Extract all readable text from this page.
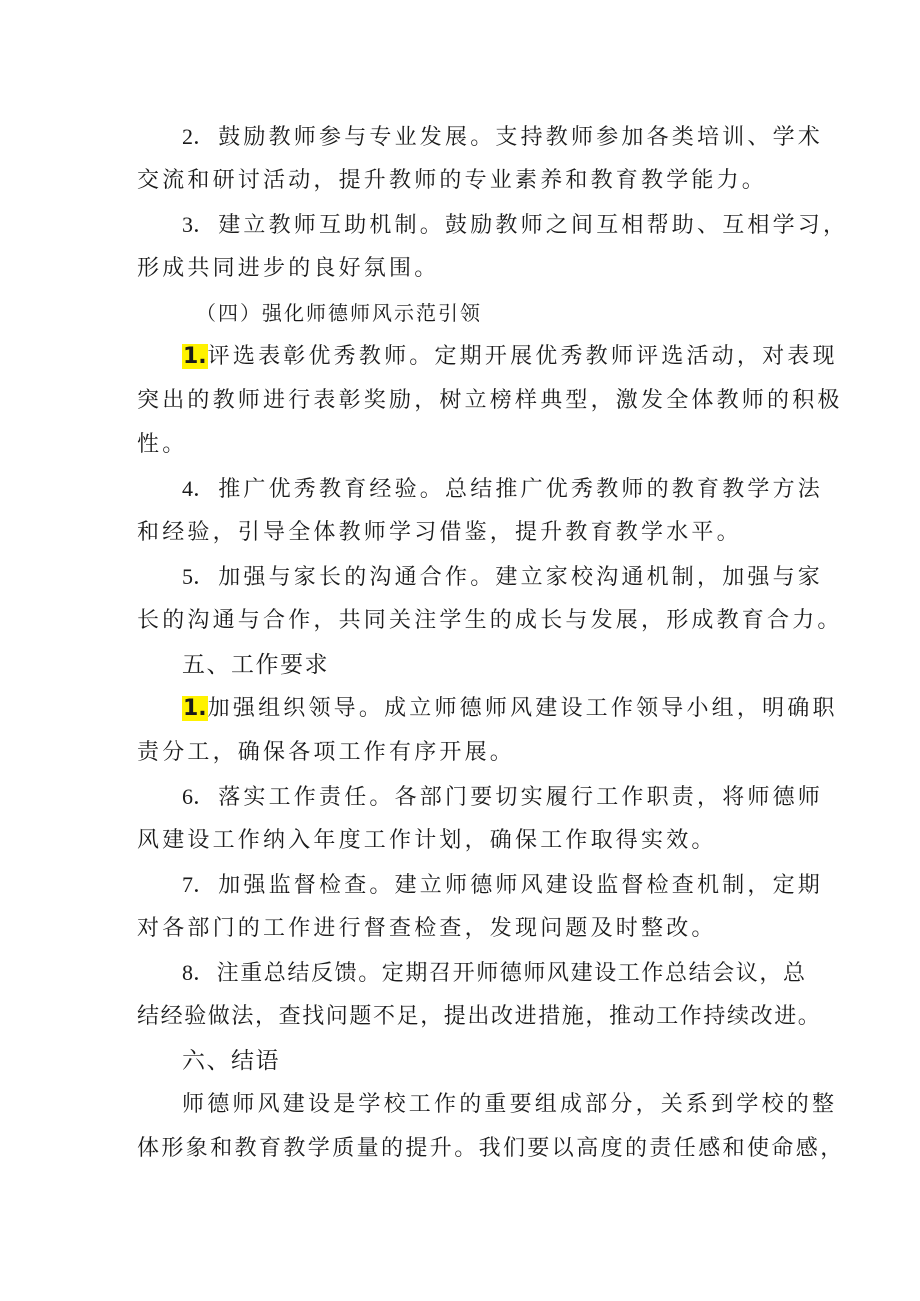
2．鼓励教师参与专业发展。支持教师参加各类培训、学术
交流和研讨活动，提升教师的专业素养和教育教学能力。
3．建立教师互助机制。鼓励教师之间互相帮助、互相学习，
形成共同进步的良好氛围。
（四）强化师德师风示范引领
1.评选表彰优秀教师。定期开展优秀教师评选活动，对表现
突出的教师进行表彰奖励，树立榜样典型，激发全体教师的积极
性。
4．推广优秀教育经验。总结推广优秀教师的教育教学方法
和经验，引导全体教师学习借鉴，提升教育教学水平。
5．加强与家长的沟通合作。建立家校沟通机制，加强与家
长的沟通与合作，共同关注学生的成长与发展，形成教育合力。
五、工作要求
1.加强组织领导。成立师德师风建设工作领导小组，明确职
责分工，确保各项工作有序开展。
6．落实工作责任。各部门要切实履行工作职责，将师德师
风建设工作纳入年度工作计划，确保工作取得实效。
7．加强监督检查。建立师德师风建设监督检查机制，定期
对各部门的工作进行督查检查，发现问题及时整改。
8．注重总结反馈。定期召开师德师风建设工作总结会议，总
结经验做法，查找问题不足，提出改进措施，推动工作持续改进。
六、结语
师德师风建设是学校工作的重要组成部分，关系到学校的整
体形象和教育教学质量的提升。我们要以高度的责任感和使命感，
